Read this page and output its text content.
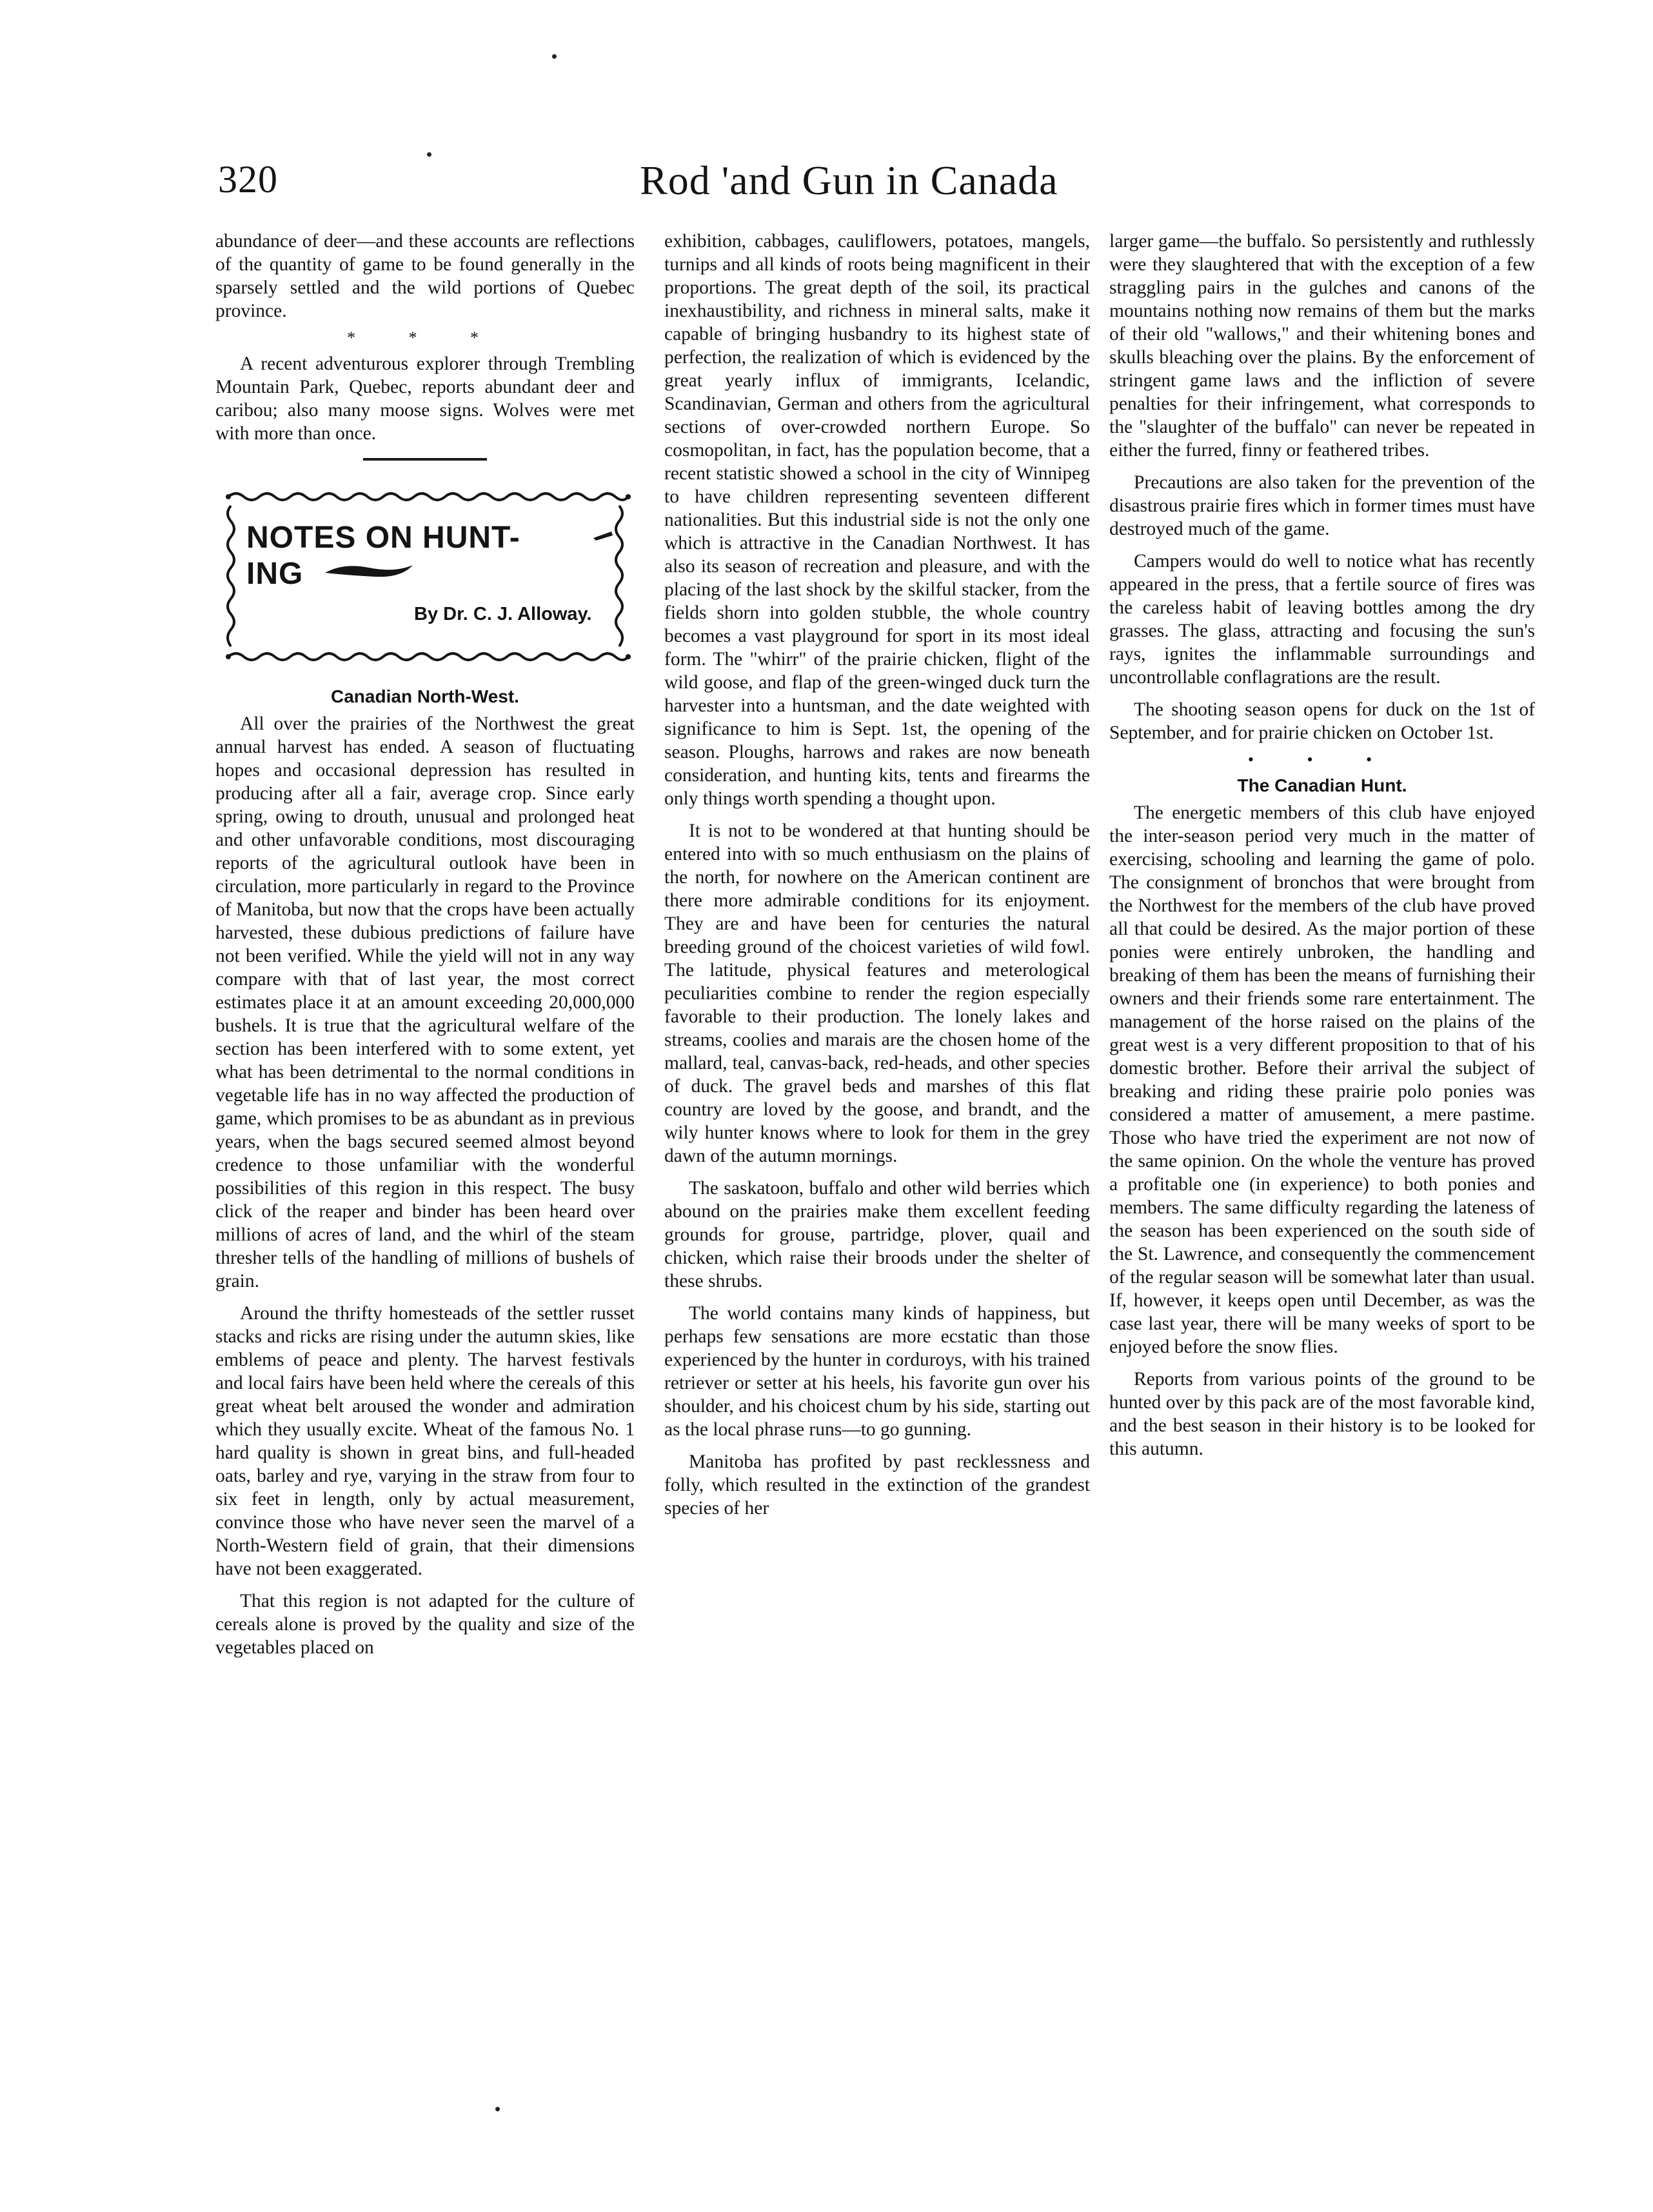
320	Rod 'and Gun in Canada

abundance of deer—and these accounts are reflections of the quantity of game to be found generally in the sparsely settled and the wild portions of Quebec province.

* * *

A recent adventurous explorer through Trembling Mountain Park, Quebec, reports abundant deer and caribou; also many moose signs. Wolves were met with more than once.

NOTES ON HUNT-
ING
By Dr. C. J. Alloway.
Canadian North-West.

All over the prairies of the Northwest the great annual harvest has ended. A season of fluctuating hopes and occasional depression has resulted in producing after all a fair, average crop. Since early spring, owing to drouth, unusual and prolonged heat and other unfavorable conditions, most discouraging reports of the agricultural outlook have been in circulation, more particularly in regard to the Province of Manitoba, but now that the crops have been actually harvested, these dubious predictions of failure have not been verified. While the yield will not in any way compare with that of last year, the most correct estimates place it at an amount exceeding 20,000,000 bushels. It is true that the agricultural welfare of the section has been interfered with to some extent, yet what has been detrimental to the normal conditions in vegetable life has in no way affected the production of game, which promises to be as abundant as in previous years, when the bags secured seemed almost beyond credence to those unfamiliar with the wonderful possibilities of this region in this respect. The busy click of the reaper and binder has been heard over millions of acres of land, and the whirl of the steam thresher tells of the handling of millions of bushels of grain.

Around the thrifty homesteads of the settler russet stacks and ricks are rising under the autumn skies, like emblems of peace and plenty. The harvest festivals and local fairs have been held where the cereals of this great wheat belt aroused the wonder and admiration which they usually excite. Wheat of the famous No. 1 hard quality is shown in great bins, and full-headed oats, barley and rye, varying in the straw from four to six feet in length, only by actual measurement, convince those who have never seen the marvel of a North-Western field of grain, that their dimensions have not been exaggerated.

That this region is not adapted for the culture of cereals alone is proved by the quality and size of the vegetables placed on

exhibition, cabbages, cauliflowers, potatoes, mangels, turnips and all kinds of roots being magnificent in their proportions. The great depth of the soil, its practical inexhaustibility, and richness in mineral salts, make it capable of bringing husbandry to its highest state of perfection, the realization of which is evidenced by the great yearly influx of immigrants, Icelandic, Scandinavian, German and others from the agricultural sections of over-crowded northern Europe. So cosmopolitan, in fact, has the population become, that a recent statistic showed a school in the city of Winnipeg to have children representing seventeen different nationalities. But this industrial side is not the only one which is attractive in the Canadian Northwest. It has also its season of recreation and pleasure, and with the placing of the last shock by the skilful stacker, from the fields shorn into golden stubble, the whole country becomes a vast playground for sport in its most ideal form. The "whirr" of the prairie chicken, flight of the wild goose, and flap of the green-winged duck turn the harvester into a huntsman, and the date weighted with significance to him is Sept. 1st, the opening of the season. Ploughs, harrows and rakes are now beneath consideration, and hunting kits, tents and firearms the only things worth spending a thought upon.

It is not to be wondered at that hunting should be entered into with so much enthusiasm on the plains of the north, for nowhere on the American continent are there more admirable conditions for its enjoyment. They are and have been for centuries the natural breeding ground of the choicest varieties of wild fowl. The latitude, physical features and meterological peculiarities combine to render the region especially favorable to their production. The lonely lakes and streams, coolies and marais are the chosen home of the mallard, teal, canvas-back, red-heads, and other species of duck. The gravel beds and marshes of this flat country are loved by the goose, and brandt, and the wily hunter knows where to look for them in the grey dawn of the autumn mornings.

The saskatoon, buffalo and other wild berries which abound on the prairies make them excellent feeding grounds for grouse, partridge, plover, quail and chicken, which raise their broods under the shelter of these shrubs.

The world contains many kinds of happiness, but perhaps few sensations are more ecstatic than those experienced by the hunter in corduroys, with his trained retriever or setter at his heels, his favorite gun over his shoulder, and his choicest chum by his side, starting out as the local phrase runs—to go gunning.

Manitoba has profited by past recklessness and folly, which resulted in the extinction of the grandest species of her

larger game—the buffalo. So persistently and ruthlessly were they slaughtered that with the exception of a few straggling pairs in the gulches and canons of the mountains nothing now remains of them but the marks of their old "wallows," and their whitening bones and skulls bleaching over the plains. By the enforcement of stringent game laws and the infliction of severe penalties for their infringement, what corresponds to the "slaughter of the buffalo" can never be repeated in either the furred, finny or feathered tribes.

Precautions are also taken for the prevention of the disastrous prairie fires which in former times must have destroyed much of the game.

Campers would do well to notice what has recently appeared in the press, that a fertile source of fires was the careless habit of leaving bottles among the dry grasses. The glass, attracting and focusing the sun's rays, ignites the inflammable surroundings and uncontrollable conflagrations are the result.

The shooting season opens for duck on the 1st of September, and for prairie chicken on October 1st.

• • •
The Canadian Hunt.

The energetic members of this club have enjoyed the inter-season period very much in the matter of exercising, schooling and learning the game of polo. The consignment of bronchos that were brought from the Northwest for the members of the club have proved all that could be desired. As the major portion of these ponies were entirely unbroken, the handling and breaking of them has been the means of furnishing their owners and their friends some rare entertainment. The management of the horse raised on the plains of the great west is a very different proposition to that of his domestic brother. Before their arrival the subject of breaking and riding these prairie polo ponies was considered a matter of amusement, a mere pastime. Those who have tried the experiment are not now of the same opinion. On the whole the venture has proved a profitable one (in experience) to both ponies and members. The same difficulty regarding the lateness of the season has been experienced on the south side of the St. Lawrence, and consequently the commencement of the regular season will be somewhat later than usual. If, however, it keeps open until December, as was the case last year, there will be many weeks of sport to be enjoyed before the snow flies.

Reports from various points of the ground to be hunted over by this pack are of the most favorable kind, and the best season in their history is to be looked for this autumn.
